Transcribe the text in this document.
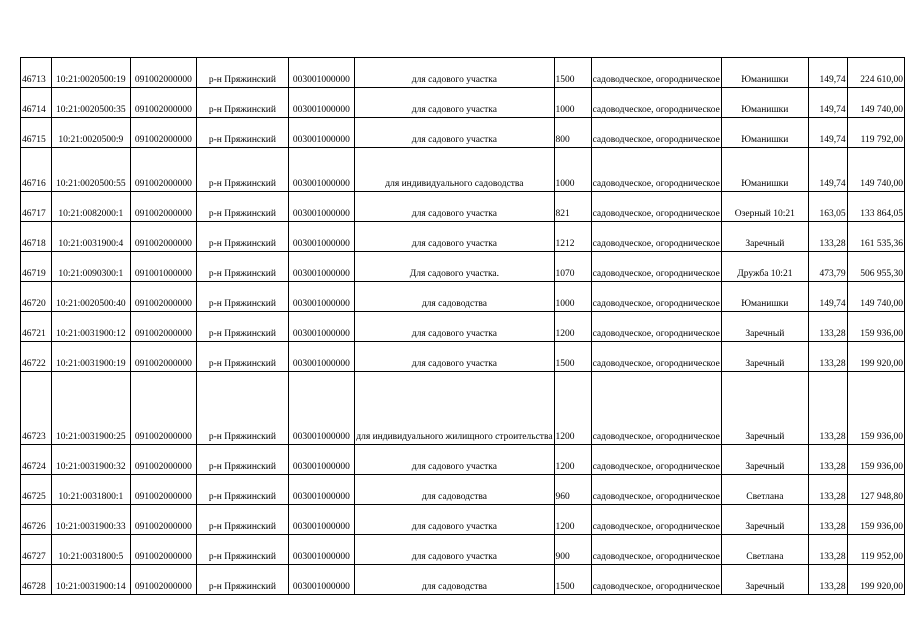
46713	10:21:0020500:19	091002000000	р-н Пряжинский	003001000000	для садового участка	1500	садоводческое, огородническое	Юманишки	149,74	224 610,00
46714	10:21:0020500:35	091002000000	р-н Пряжинский	003001000000	для садового участка	1000	садоводческое, огородническое	Юманишки	149,74	149 740,00
46715	10:21:0020500:9	091002000000	р-н Пряжинский	003001000000	для садового участка	800	садоводческое, огородническое	Юманишки	149,74	119 792,00
46716	10:21:0020500:55	091002000000	р-н Пряжинский	003001000000	для индивидуального садоводства	1000	садоводческое, огородническое	Юманишки	149,74	149 740,00
46717	10:21:0082000:1	091002000000	р-н Пряжинский	003001000000	для садового участка	821	садоводческое, огородническое	Озерный 10:21	163,05	133 864,05
46718	10:21:0031900:4	091002000000	р-н Пряжинский	003001000000	для садового участка	1212	садоводческое, огородническое	Заречный	133,28	161 535,36
46719	10:21:0090300:1	091001000000	р-н Пряжинский	003001000000	Для садового участка.	1070	садоводческое, огородническое	Дружба 10:21	473,79	506 955,30
46720	10:21:0020500:40	091002000000	р-н Пряжинский	003001000000	для садоводства	1000	садоводческое, огородническое	Юманишки	149,74	149 740,00
46721	10:21:0031900:12	091002000000	р-н Пряжинский	003001000000	для садового участка	1200	садоводческое, огородническое	Заречный	133,28	159 936,00
46722	10:21:0031900:19	091002000000	р-н Пряжинский	003001000000	для садового участка	1500	садоводческое, огородническое	Заречный	133,28	199 920,00
46723	10:21:0031900:25	091002000000	р-н Пряжинский	003001000000	для индивидуального жилищного строительства	1200	садоводческое, огородническое	Заречный	133,28	159 936,00
46724	10:21:0031900:32	091002000000	р-н Пряжинский	003001000000	для садового участка	1200	садоводческое, огородническое	Заречный	133,28	159 936,00
46725	10:21:0031800:1	091002000000	р-н Пряжинский	003001000000	для садоводства	960	садоводческое, огородническое	Светлана	133,28	127 948,80
46726	10:21:0031900:33	091002000000	р-н Пряжинский	003001000000	для садового участка	1200	садоводческое, огородническое	Заречный	133,28	159 936,00
46727	10:21:0031800:5	091002000000	р-н Пряжинский	003001000000	для садового участка	900	садоводческое, огородническое	Светлана	133,28	119 952,00
46728	10:21:0031900:14	091002000000	р-н Пряжинский	003001000000	для садоводства	1500	садоводческое, огородническое	Заречный	133,28	199 920,00
